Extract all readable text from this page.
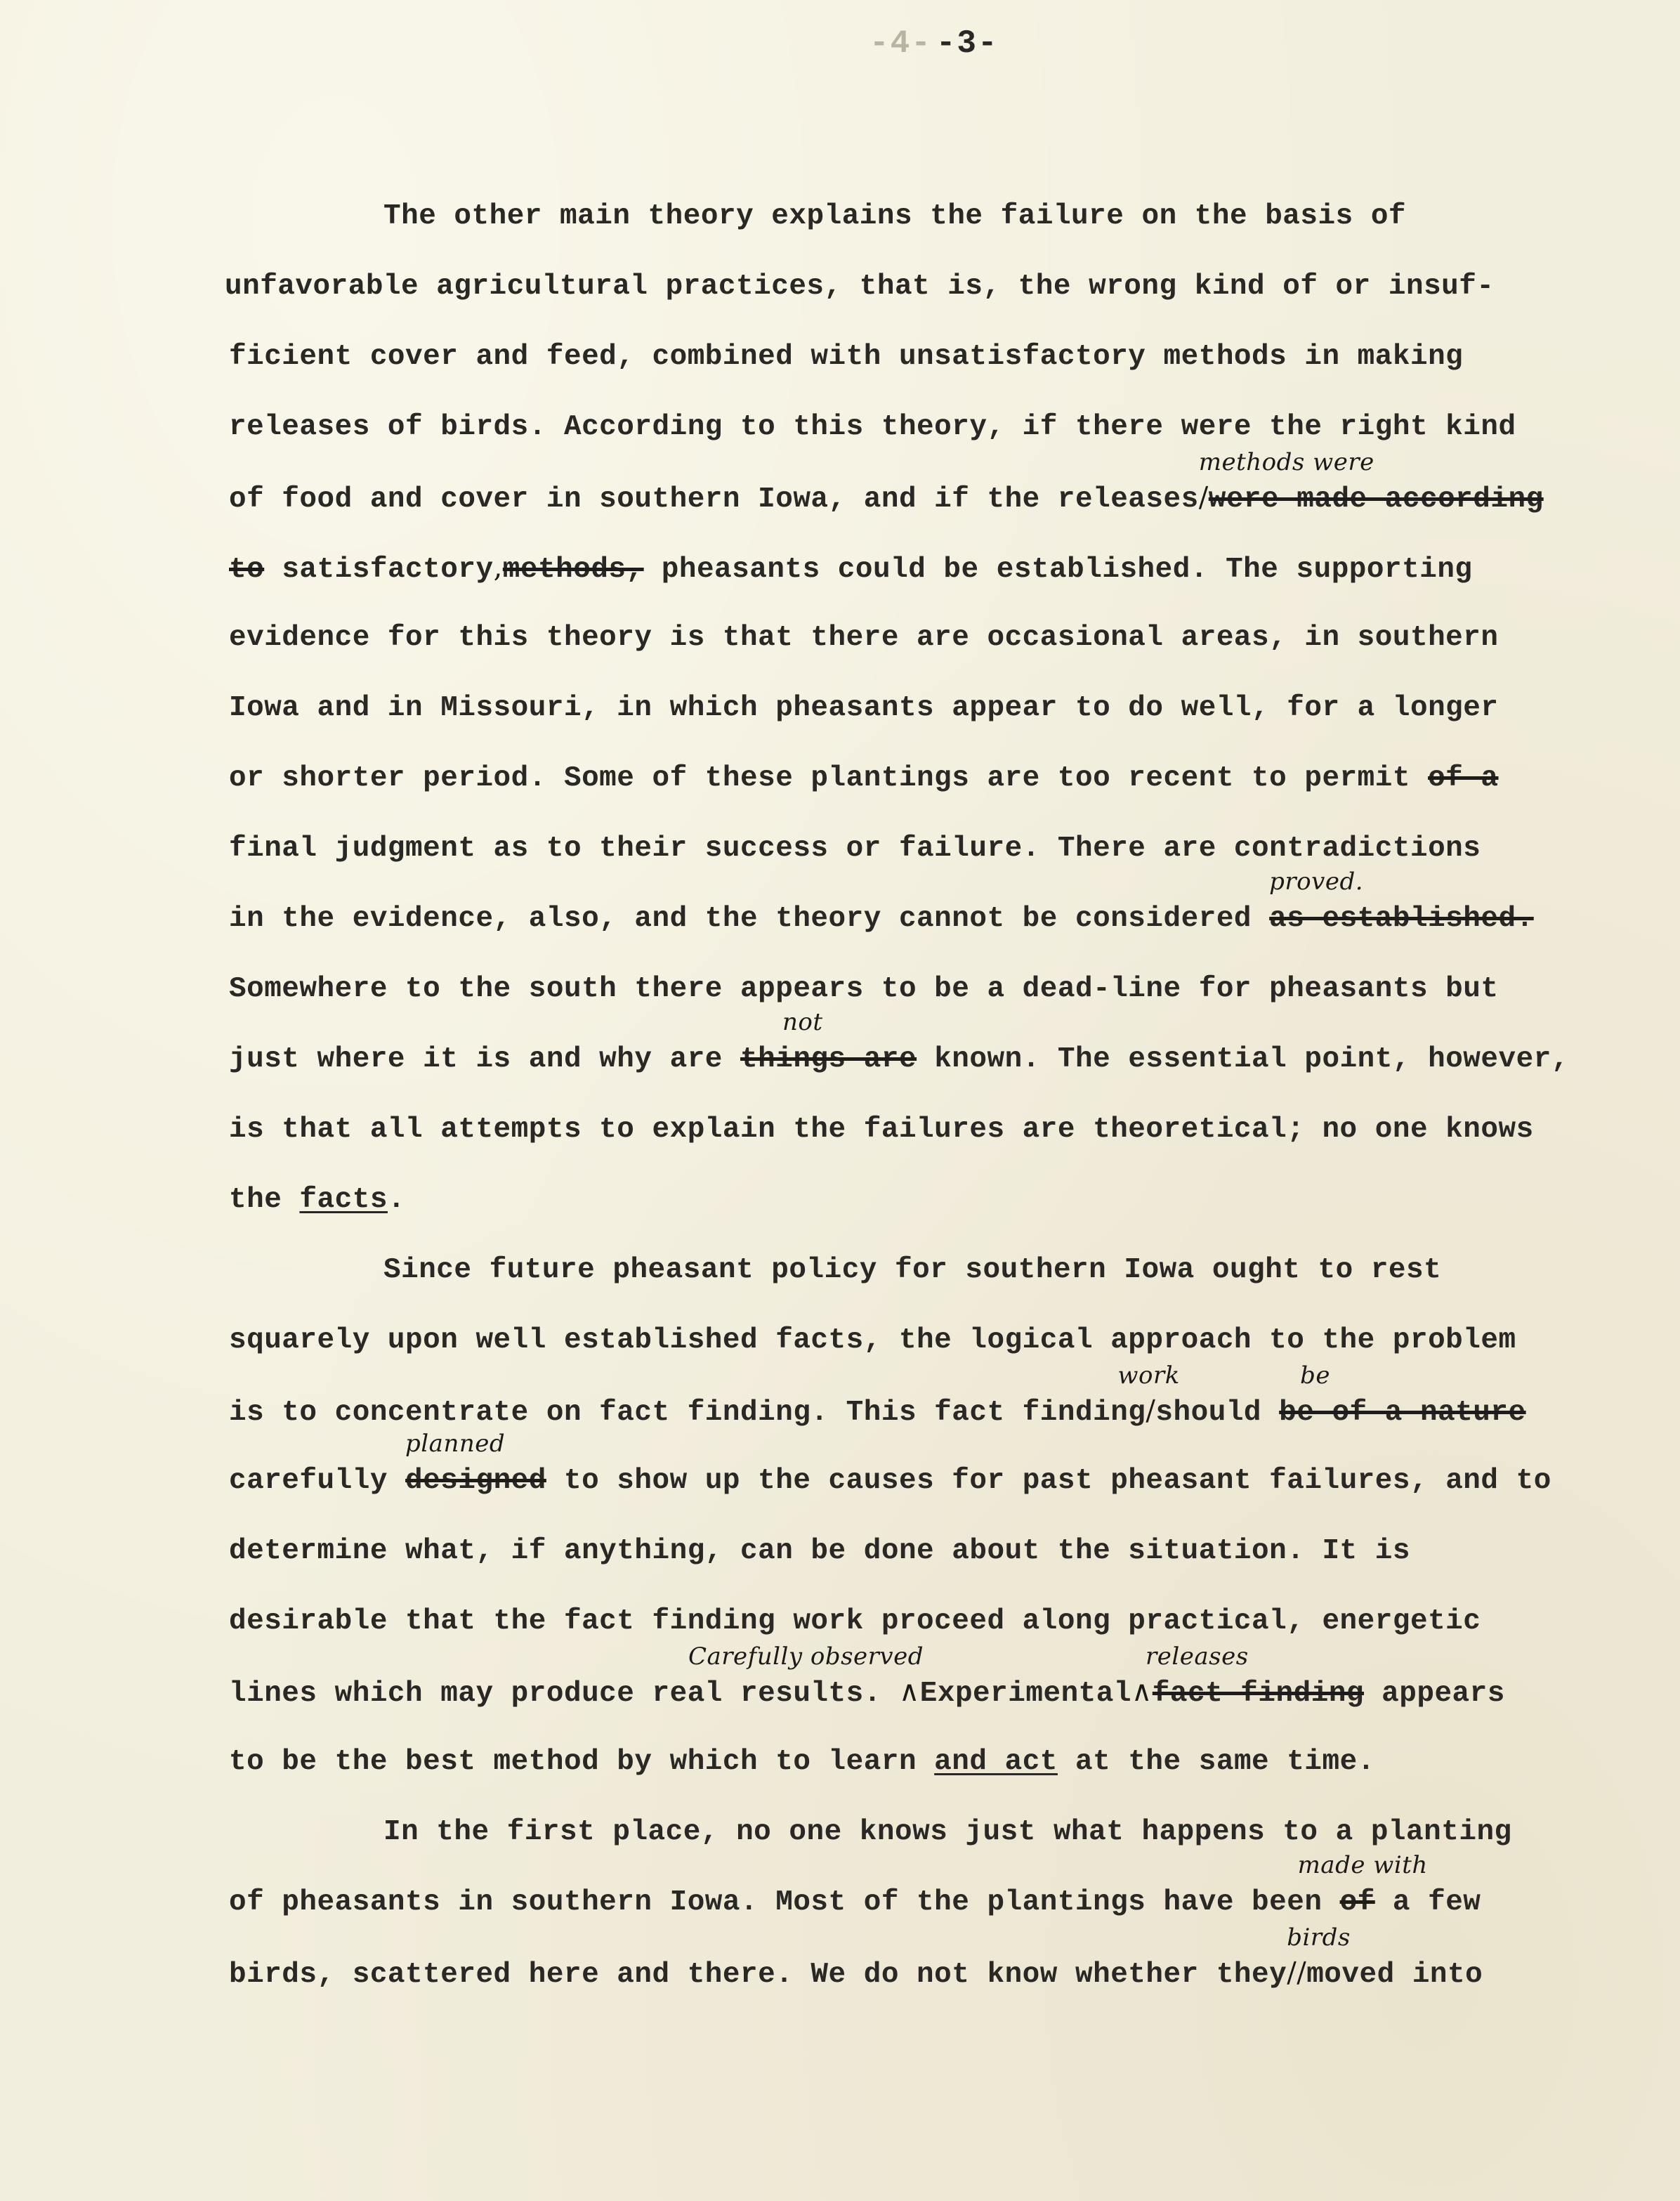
-4- -3-
The other main theory explains the failure on the basis of
unfavorable agricultural practices, that is, the wrong kind of or insuf-
ficient cover and feed, combined with unsatisfactory methods in making
releases of birds. According to this theory, if there were the right kind
of food and cover in southern Iowa, and if the releases∕
methods were
were made according
to satisfactory,methods, pheasants could be established. The supporting
evidence for this theory is that there are occasional areas, in southern
Iowa and in Missouri, in which pheasants appear to do well, for a longer
or shorter period. Some of these plantings are too recent to permit of a
final judgment as to their success or failure. There are contradictions
in the evidence, also, and the theory cannot be considered
proved.
as established.
Somewhere to the south there appears to be a dead-line for pheasants but
just where it is and why are
not
things are known. The essential point, however,
is that all attempts to explain the failures are theoretical; no one knows
the facts.
Since future pheasant policy for southern Iowa ought to rest
squarely upon well established facts, the logical approach to the problem
is to concentrate on fact finding. This fact finding∕
work
should
be
be of a nature
carefully
planned
designed to show up the causes for past pheasant failures, and to
determine what, if anything, can be done about the situation. It is
desirable that the fact finding work proceed along practical, energetic
lines which may produce real results. ∧
Carefully observed
Experimental∧
releases
fact finding appears
to be the best method by which to learn and act at the same time.
In the first place, no one knows just what happens to a planting
of pheasants in southern Iowa. Most of the plantings have been
made with
of a few
birds, scattered here and there. We do not know whether they∕∕
birds
moved into
